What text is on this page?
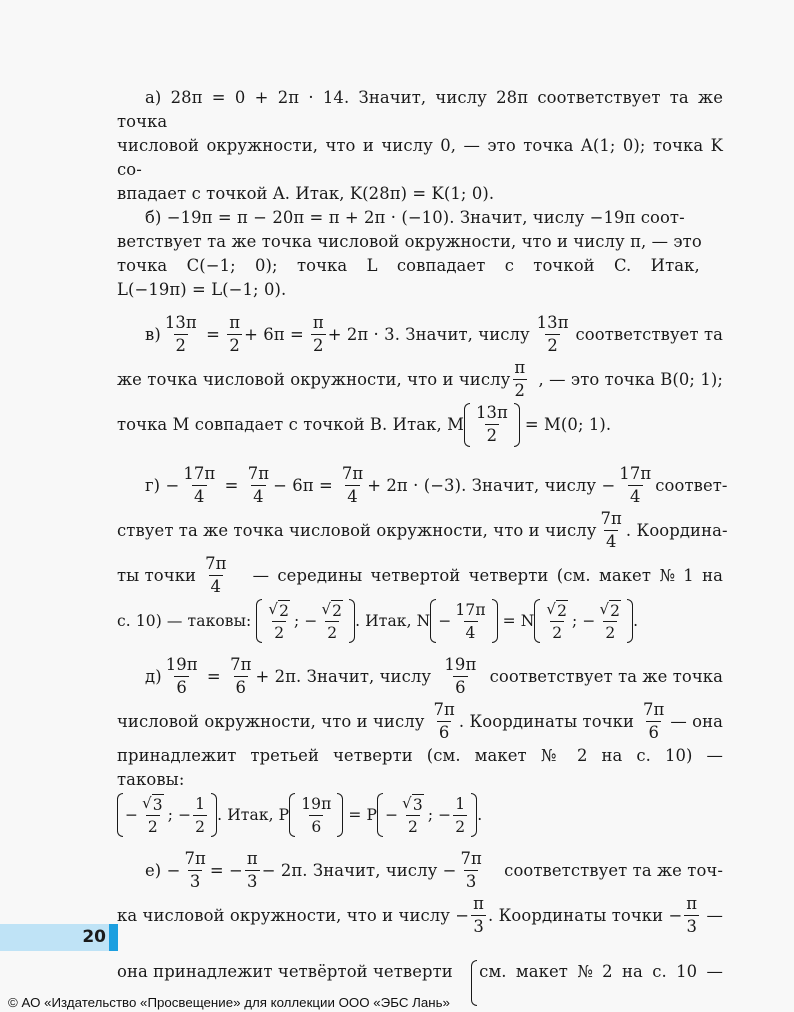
а) 28π = 0 + 2π · 14. Значит, числу 28π соответствует та же точка
числовой окружности, что и числу 0, — это точка A(1; 0); точка K со-
впадает с точкой A. Итак, K(28π) = K(1; 0).
б) −19π = π − 20π = π + 2π · (−10). Значит, числу −19π соот-
ветствует та же точка числовой окружности, что и числу π, — это
точка C(−1; 0); точка L совпадает с точкой C. Итак,
L(−19π) = L(−1; 0).
$в) \frac{13\pi}{2} = \frac{\pi}{2} + 6\pi = \frac{\pi}{2} + 2\pi \cdot 3$. Значит, числу $\frac{13\pi}{2}$ соответствует та
же точка числовой окружности, что и числу $\frac{\pi}{2}$ , — это точка B(0; 1);
точка M совпадает с точкой B. Итак, M $\frac{13\pi}{2} = M(0$; 1).
$г) - \frac{17\pi}{4} = \frac{7\pi}{4} - 6\pi = \frac{7\pi}{4} + 2\pi \cdot (-3)$. Значит, числу − $\frac{17\pi}{4}$ соответ-
ствует та же точка числовой окружности, что и числу $\frac{7\pi}{4}$ . Координа-
ты точки $\frac{7\pi}{4}$ — середины четвертой четверти (см. макет № 1 на
с. 10) — таковы: $\frac{√ 2}{2}$ ; − $\frac{√ 2}{2}$ . Итак, $N - \frac{17\pi}{4} = N \frac{√ 2}{2}$ ; − $\frac{√ 2}{2}$ .
$д) \frac{19\pi}{6} = \frac{7\pi}{6} + 2\pi$. Значит, числу $\frac{19\pi}{6}$ соответствует та же точка
числовой окружности, что и числу $\frac{7\pi}{6}$ . Координаты точки $\frac{7\pi}{6}$ — она
принадлежит третьей четверти (см. макет № 2 на с. 10) — таковы:
− $\frac{√ 3}{2}$ ; − $\frac{1}{2}$ . Итак, P $\frac{19\pi}{6} = P - \frac{√ 3}{2}$ ; − $\frac{1}{2}$ .
$е) - \frac{7\pi}{3}$ = − $\frac{\pi}{3} - 2\pi$. Значит, числу − $\frac{7\pi}{3}$ соответствует та же точ-
ка числовой окружности, что и числу − $\frac{\pi}{3}$ . Координаты точки − $\frac{\pi}{3}$ —
она принадлежит четвёртой четверти см. макет № 2 на с. 10 —
20
© АО «Издательство «Просвещение» для коллекции ООО «ЭБС Лань»
